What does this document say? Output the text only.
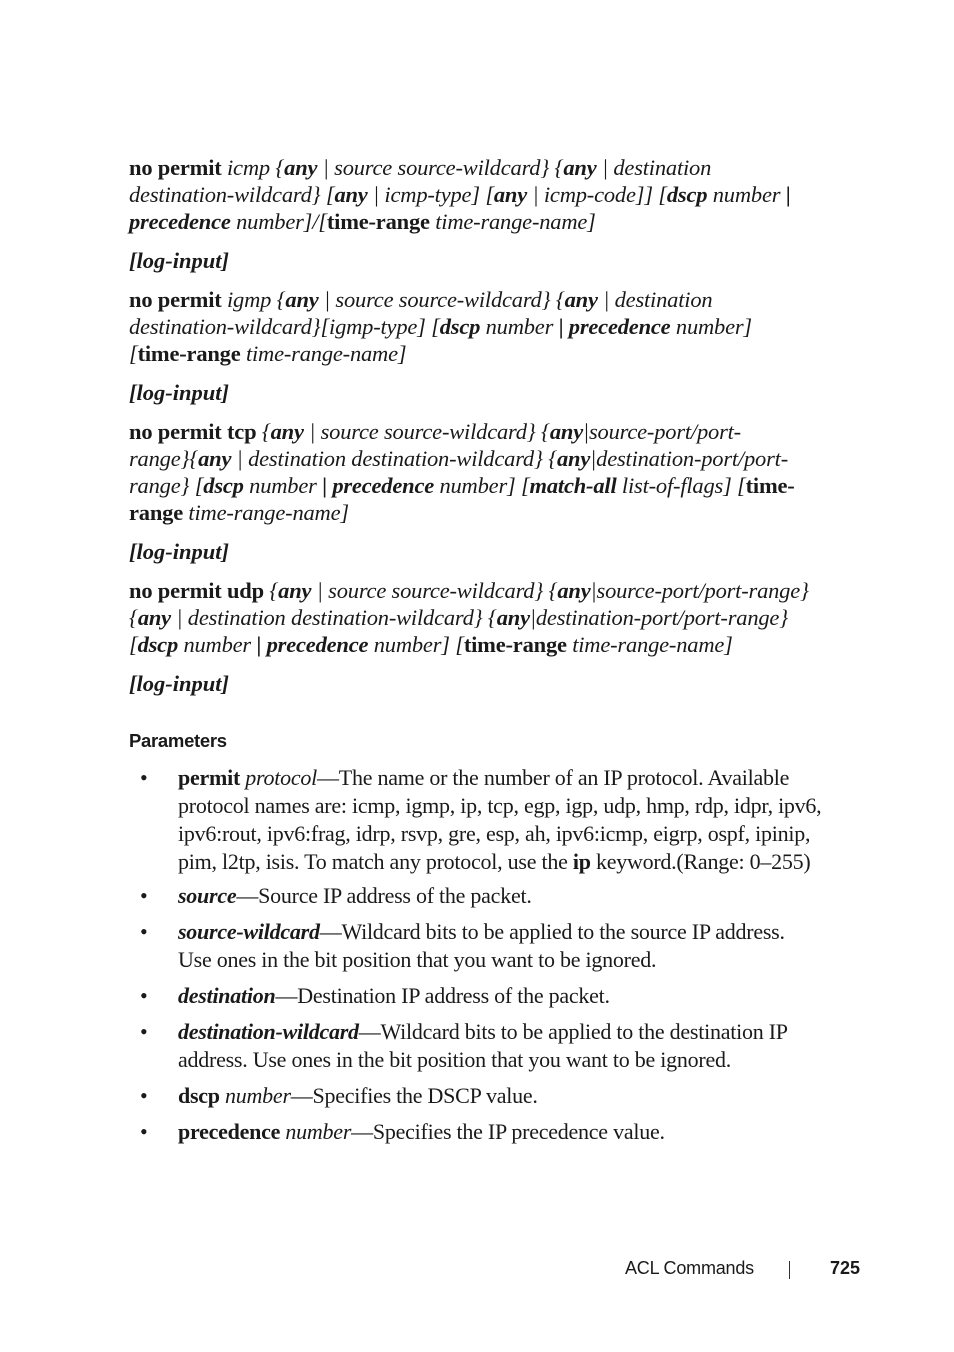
no permit icmp {any | source source-wildcard} {any | destination
destination-wildcard} [any | icmp-type] [any | icmp-code]] [dscp number |
precedence number]/[time-range time-range-name]
[log-input]
no permit igmp {any | source source-wildcard} {any | destination
destination-wildcard}[igmp-type] [dscp number | precedence number]
[time-range time-range-name]
[log-input]
no permit tcp {any | source source-wildcard} {any|source-port/port-
range}{any | destination destination-wildcard} {any|destination-port/port-
range} [dscp number | precedence number] [match-all list-of-flags] [time-
range time-range-name]
[log-input]
no permit udp {any | source source-wildcard} {any|source-port/port-range}
{any | destination destination-wildcard} {any|destination-port/port-range}
[dscp number | precedence number] [time-range time-range-name]
[log-input]
Parameters
• permit protocol—The name or the number of an IP protocol. Available
protocol names are: icmp, igmp, ip, tcp, egp, igp, udp, hmp, rdp, idpr, ipv6,
ipv6:rout, ipv6:frag, idrp, rsvp, gre, esp, ah, ipv6:icmp, eigrp, ospf, ipinip,
pim, l2tp, isis. To match any protocol, use the ip keyword.(Range: 0–255)
• source—Source IP address of the packet.
• source-wildcard—Wildcard bits to be applied to the source IP address.
Use ones in the bit position that you want to be ignored.
• destination—Destination IP address of the packet.
• destination-wildcard—Wildcard bits to be applied to the destination IP
address. Use ones in the bit position that you want to be ignored.
• dscp number—Specifies the DSCP value.
• precedence number—Specifies the IP precedence value.
ACL Commands	725
